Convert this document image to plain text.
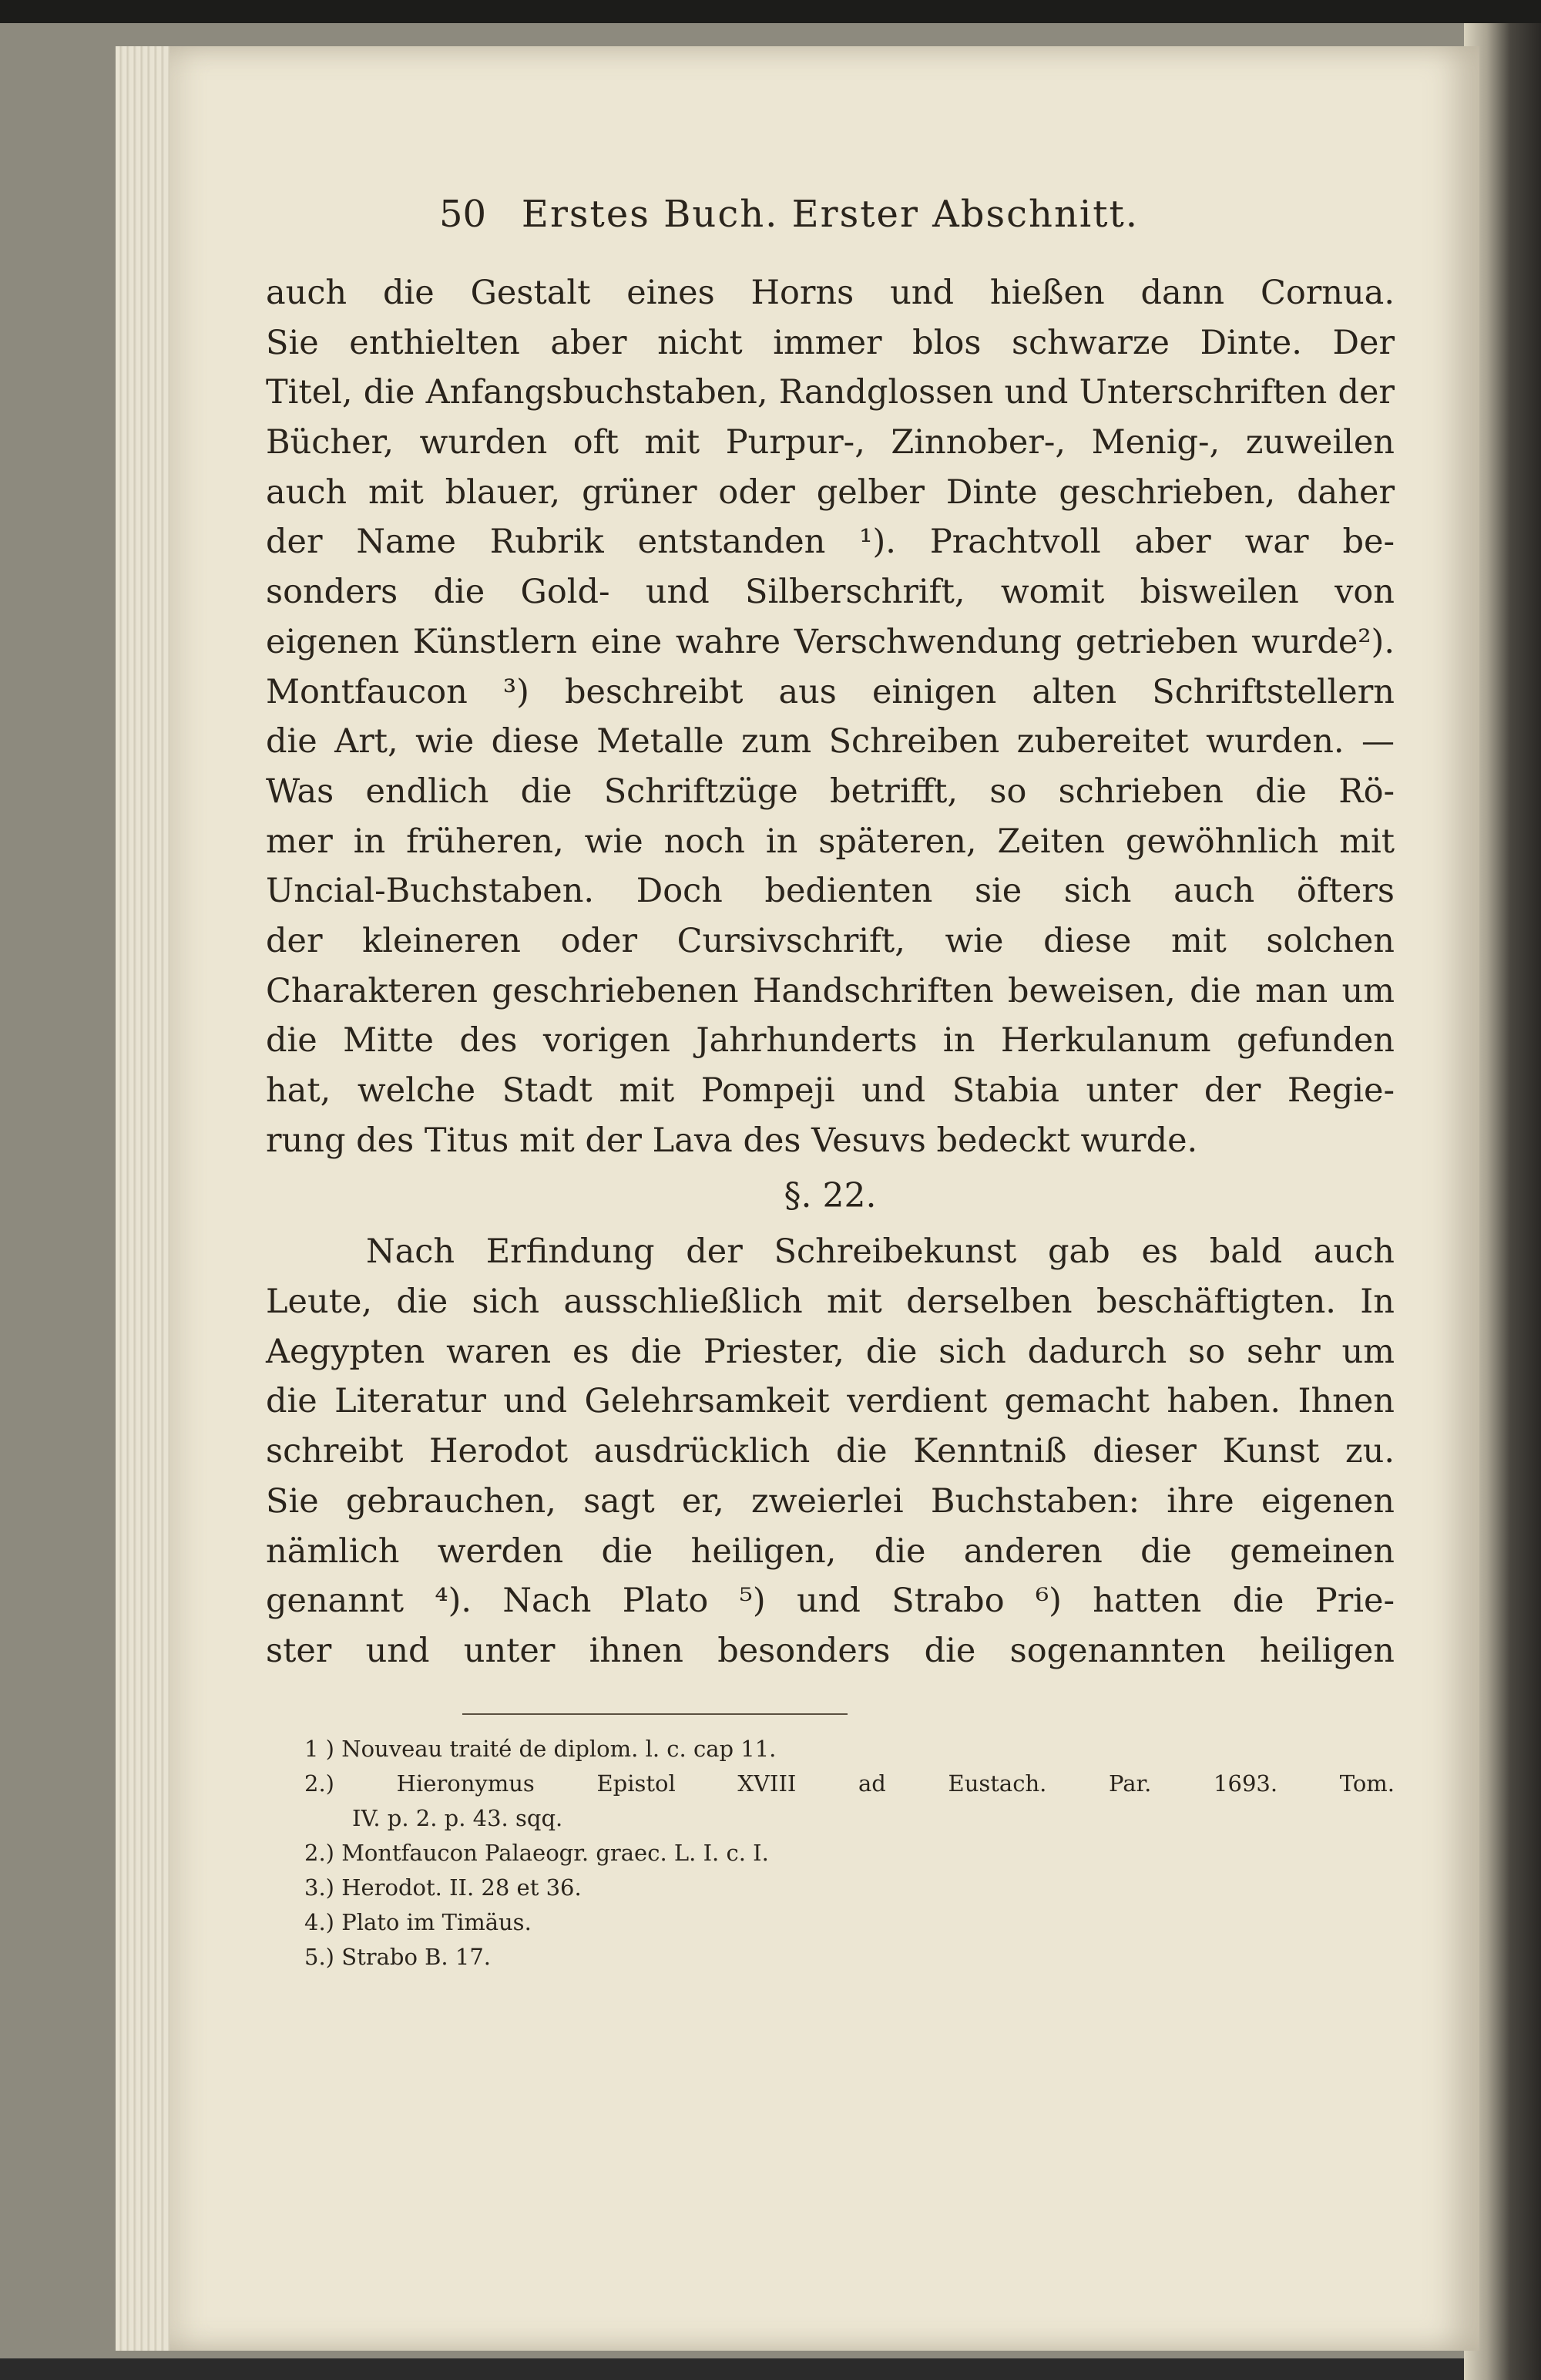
50 Erstes Buch. Erster Abschnitt.
auch die Gestalt eines Horns und hießen dann Cornua.
Sie enthielten aber nicht immer blos schwarze Dinte. Der
Titel, die Anfangsbuchstaben, Randglossen und Unterschriften der
Bücher, wurden oft mit Purpur-, Zinnober-, Menig-, zuweilen
auch mit blauer, grüner oder gelber Dinte geschrieben, daher
der Name Rubrik entstanden ¹). Prachtvoll aber war be-
sonders die Gold- und Silberschrift, womit bisweilen von
eigenen Künstlern eine wahre Verschwendung getrieben wurde²).
Montfaucon ³) beschreibt aus einigen alten Schriftstellern
die Art, wie diese Metalle zum Schreiben zubereitet wurden. —
Was endlich die Schriftzüge betrifft, so schrieben die Rö-
mer in früheren, wie noch in späteren, Zeiten gewöhnlich mit
Uncial-Buchstaben. Doch bedienten sie sich auch öfters
der kleineren oder Cursivschrift, wie diese mit solchen
Charakteren geschriebenen Handschriften beweisen, die man um
die Mitte des vorigen Jahrhunderts in Herkulanum gefunden
hat, welche Stadt mit Pompeji und Stabia unter der Regie-
rung des Titus mit der Lava des Vesuvs bedeckt wurde.
§. 22.
Nach Erfindung der Schreibekunst gab es bald auch
Leute, die sich ausschließlich mit derselben beschäftigten. In
Aegypten waren es die Priester, die sich dadurch so sehr um
die Literatur und Gelehrsamkeit verdient gemacht haben. Ihnen
schreibt Herodot ausdrücklich die Kenntniß dieser Kunst zu.
Sie gebrauchen, sagt er, zweierlei Buchstaben: ihre eigenen
nämlich werden die heiligen, die anderen die gemeinen
genannt ⁴). Nach Plato ⁵) und Strabo ⁶) hatten die Prie-
ster und unter ihnen besonders die sogenannten heiligen
1 ) Nouveau traité de diplom. l. c. cap 11.
2.) Hieronymus Epistol XVIII ad Eustach. Par. 1693. Tom.
IV. p. 2. p. 43. sqq.
2.) Montfaucon Palaeogr. graec. L. I. c. I.
3.) Herodot. II. 28 et 36.
4.) Plato im Timäus.
5.) Strabo B. 17.
